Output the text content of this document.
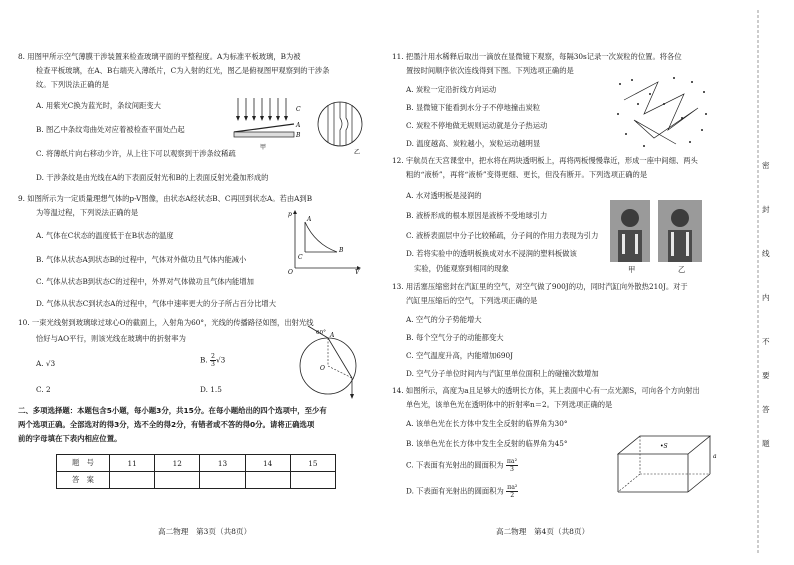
8. 用图甲所示空气薄膜干涉装置来检查玻璃平面的平整程度。A为标准平板玻璃，B为被
检查平板玻璃，在A、B右端夹入薄纸片，C为入射的红光，图乙是俯视图甲观察到的干涉条
纹。下列说法正确的是
A. 用紫光C换为蓝光时，条纹间距变大
B. 图乙中条纹弯曲处对应着被检查平面处凸起
C. 将薄纸片向右移动少许，从上往下可以观察到干涉条纹稀疏
D. 干涉条纹是由光线在A的下表面反射光和B的上表面反射光叠加形成的
C
A
B
甲
乙
9. 如图所示为一定质量理想气体的p-V图像，由状态A经状态B、C再回到状态A。若由A到B
为等温过程，下列说法正确的是
A. 气体在C状态的温度低于在B状态的温度
B. 气体从状态A到状态B的过程中，气体对外做功且气体内能减小
C. 气体从状态B到状态C的过程中，外界对气体做功且气体内能增加
D. 气体从状态C到状态A的过程中，气体中速率更大的分子所占百分比增大
p
A
B
C
O	V
10. 一束光线射到玻璃球过球心O的截面上，入射角为60°，光线的传播路径如图，出射光线
恰好与AO平行，则该光线在玻璃中的折射率为
A. √3	B. $\frac{2}{3} √3$
C. 2	D. 1.5
60° A
O
二、多项选择题：本题包含5小题，每小题3分，共15分。在每小题给出的四个选项中，至少有
两个选项正确。全部选对的得3分，选不全的得2分，有错者或不答的得0分。请将正确选项
前的字母填在下表内相应位置。
题　号	11	12	13	14	15
答　案					
高二物理　第3页（共8页）
11. 把墨汁用水稀释后取出一滴放在显微镜下观察，每隔30s记录一次炭粒的位置。将各位
置按时间顺序依次连线得到下图。下列选项正确的是
A. 炭粒一定沿折线方向运动
B. 显微镜下能看到水分子不停地撞击炭粒
C. 炭粒不停地做无规则运动就是分子热运动
D. 温度越高、炭粒越小，炭粒运动越明显
12. 宇航员在天宫课堂中，把水将在两块透明板上，再将两板慢慢靠近，形成一座中间细、两头
粗的“液桥”，再将“液桥”变得更细、更长，但没有断开。下列选项正确的是
A. 水对透明板是浸润的
B. 液桥形成的根本原因是液桥不受地球引力
C. 液桥表面层中分子比较稀疏，分子间的作用力表现为引力
D. 若将实验中的透明板换成对水不浸润的塑料板做该
实验，仍能观察到相同的现象	甲	乙
13. 用活塞压缩密封在汽缸里的空气，对空气做了900J的功，同时汽缸向外散热210J。对于
汽缸里压缩后的空气，下列选项正确的是
A. 空气的分子势能增大
B. 每个空气分子的动能都变大
C. 空气温度升高，内能增加690J
D. 空气分子单位时间内与汽缸里单位面积上的碰撞次数增加
14. 如图所示，高度为a且足够大的透明长方体，其上表面中心有一点光源S，可向各个方向射出
单色光，该单色光在透明体中的折射率n＝2。下列选项正确的是
A. 该单色光在长方体中发生全反射的临界角为30°
B. 该单色光在长方体中发生全反射的临界角为45°
C. 下表面有光射出的圆面积为 $\frac{\text{πa²}}{3}$
D. 下表面有光射出的圆面积为 $\frac{\text{πa²}}{2}$
•S
a
高二物理　第4页（共8页）
密
封
线
内
不
要
答
题
